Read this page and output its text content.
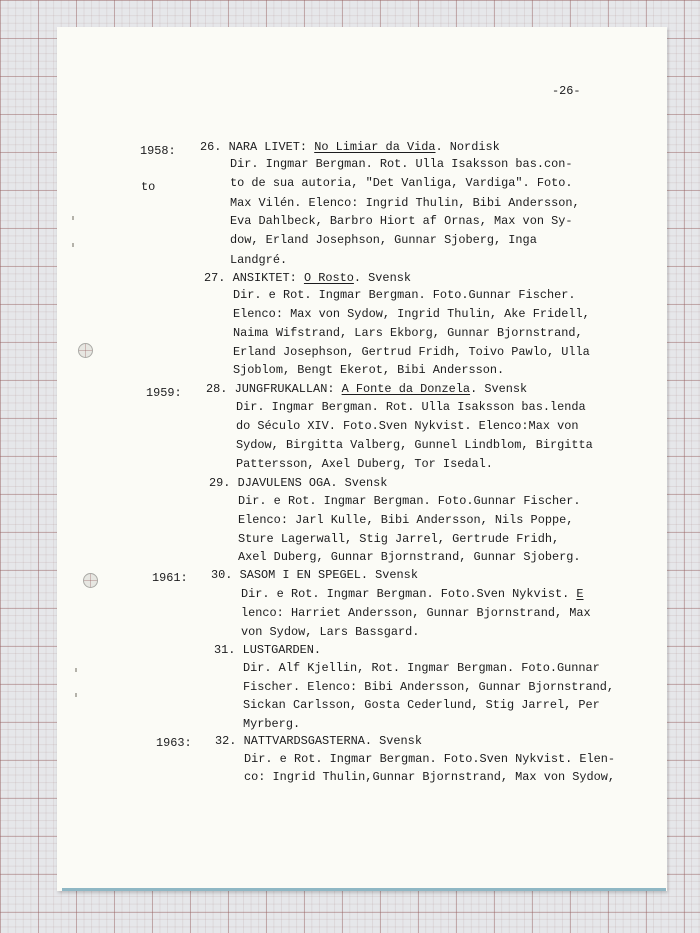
-26-
1958:
to
1959:
1961:
1963:
26. NARA LIVET: No Limiar da Vida. Nordisk
Dir. Ingmar Bergman. Rot. Ulla Isaksson bas.con-
to de sua autoria, "Det Vanliga, Vardiga". Foto.
Max Vilén. Elenco: Ingrid Thulin, Bibi Andersson,
Eva Dahlbeck, Barbro Hiort af Ornas, Max von Sy-
dow, Erland Josephson, Gunnar Sjoberg, Inga
Landgré.
27. ANSIKTET: O Rosto. Svensk
Dir. e Rot. Ingmar Bergman. Foto.Gunnar Fischer.
Elenco: Max von Sydow, Ingrid Thulin, Ake Fridell,
Naima Wifstrand, Lars Ekborg, Gunnar Bjornstrand,
Erland Josephson, Gertrud Fridh, Toivo Pawlo, Ulla
Sjoblom, Bengt Ekerot, Bibi Andersson.
28. JUNGFRUKALLAN: A Fonte da Donzela. Svensk
Dir. Ingmar Bergman. Rot. Ulla Isaksson bas.lenda
do Século XIV. Foto.Sven Nykvist. Elenco:Max von
Sydow, Birgitta Valberg, Gunnel Lindblom, Birgitta
Pattersson, Axel Duberg, Tor Isedal.
29. DJAVULENS OGA. Svensk
Dir. e Rot. Ingmar Bergman. Foto.Gunnar Fischer.
Elenco: Jarl Kulle, Bibi Andersson, Nils Poppe,
Sture Lagerwall, Stig Jarrel, Gertrude Fridh,
Axel Duberg, Gunnar Bjornstrand, Gunnar Sjoberg.
30. SASOM I EN SPEGEL. Svensk
Dir. e Rot. Ingmar Bergman. Foto.Sven Nykvist. E
lenco: Harriet Andersson, Gunnar Bjornstrand, Max
von Sydow, Lars Bassgard.
31. LUSTGARDEN.
Dir. Alf Kjellin, Rot. Ingmar Bergman. Foto.Gunnar
Fischer. Elenco: Bibi Andersson, Gunnar Bjornstrand,
Sickan Carlsson, Gosta Cederlund, Stig Jarrel, Per
Myrberg.
32. NATTVARDSGASTERNA. Svensk
Dir. e Rot. Ingmar Bergman. Foto.Sven Nykvist. Elen-
co: Ingrid Thulin,Gunnar Bjornstrand, Max von Sydow,
